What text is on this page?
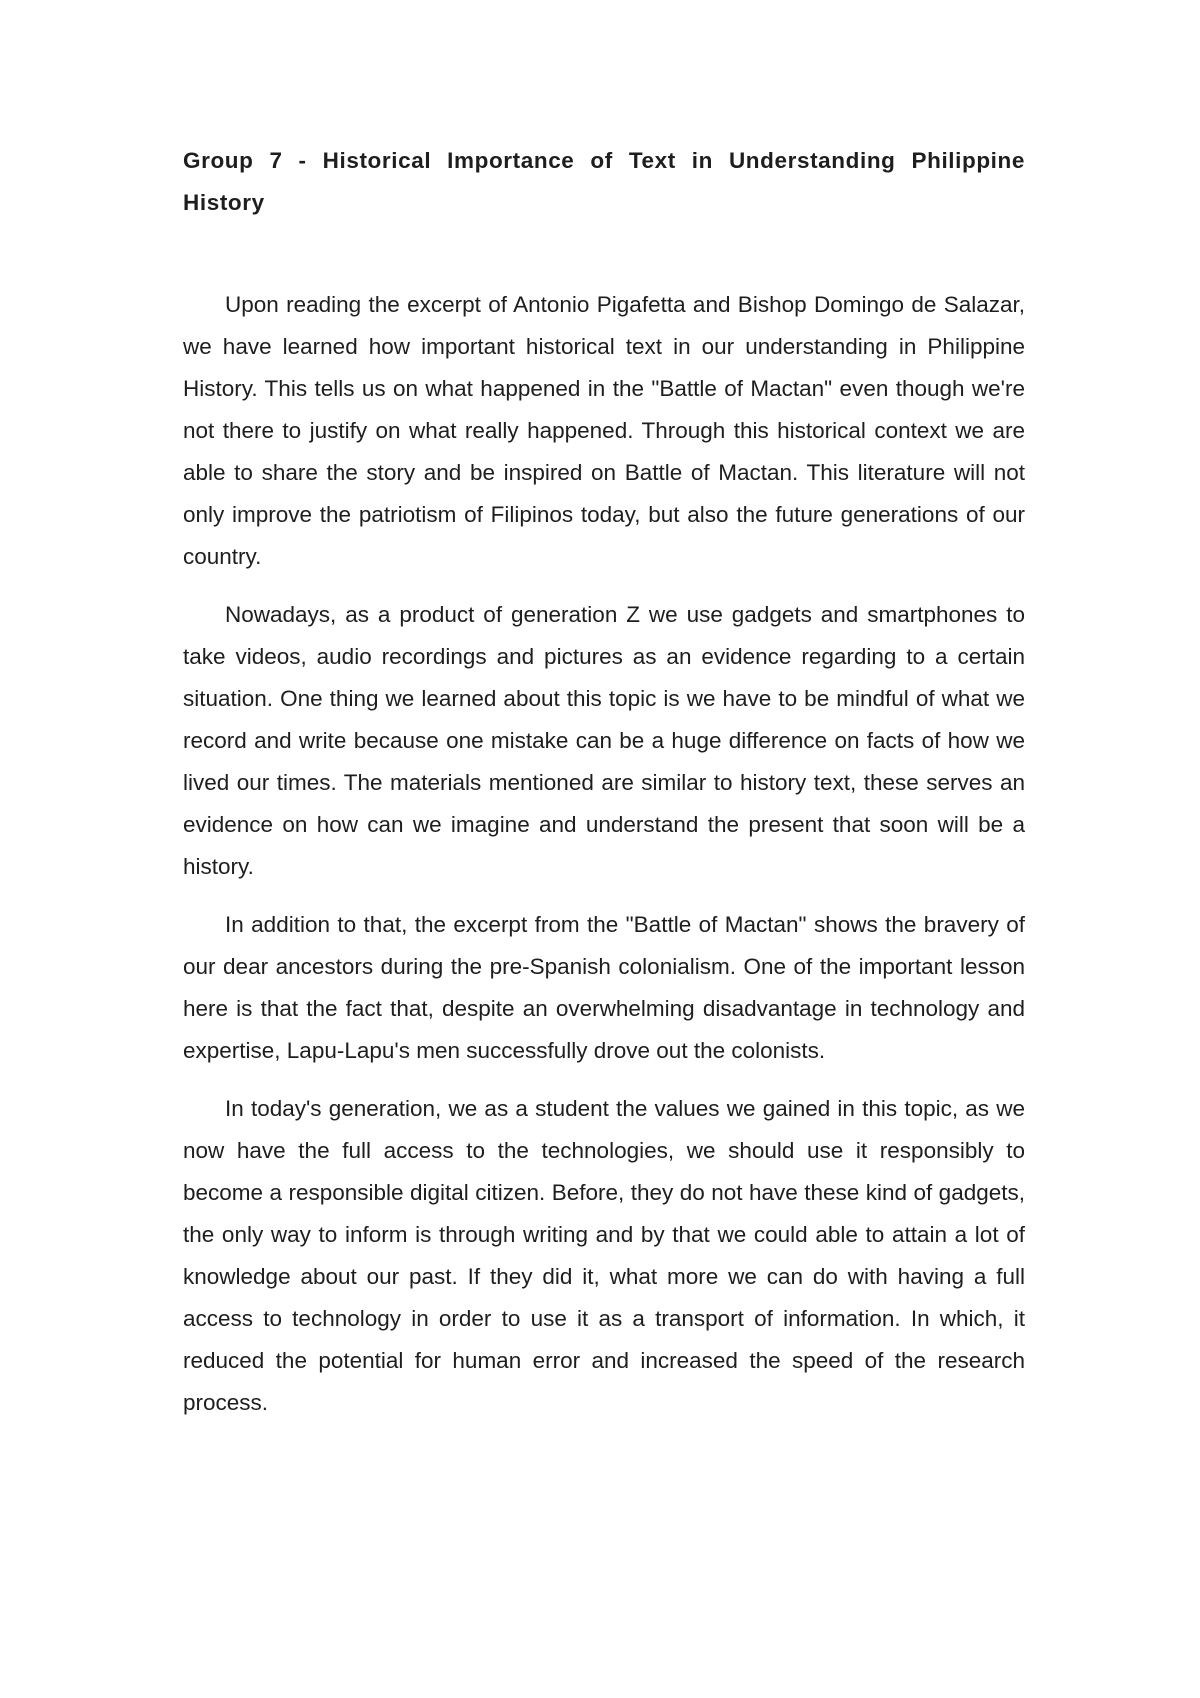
Group 7 - Historical Importance of Text in Understanding Philippine History

Upon reading the excerpt of Antonio Pigafetta and Bishop Domingo de Salazar, we have learned how important historical text in our understanding in Philippine History. This tells us on what happened in the "Battle of Mactan" even though we're not there to justify on what really happened. Through this historical context we are able to share the story and be inspired on Battle of Mactan. This literature will not only improve the patriotism of Filipinos today, but also the future generations of our country.

Nowadays, as a product of generation Z we use gadgets and smartphones to take videos, audio recordings and pictures as an evidence regarding to a certain situation. One thing we learned about this topic is we have to be mindful of what we record and write because one mistake can be a huge difference on facts of how we lived our times. The materials mentioned are similar to history text, these serves an evidence on how can we imagine and understand the present that soon will be a history.

In addition to that, the excerpt from the "Battle of Mactan" shows the bravery of our dear ancestors during the pre-Spanish colonialism. One of the important lesson here is that the fact that, despite an overwhelming disadvantage in technology and expertise, Lapu-Lapu's men successfully drove out the colonists.

In today's generation, we as a student the values we gained in this topic, as we now have the full access to the technologies, we should use it responsibly to become a responsible digital citizen. Before, they do not have these kind of gadgets, the only way to inform is through writing and by that we could able to attain a lot of knowledge about our past. If they did it, what more we can do with having a full access to technology in order to use it as a transport of information. In which, it reduced the potential for human error and increased the speed of the research process.
